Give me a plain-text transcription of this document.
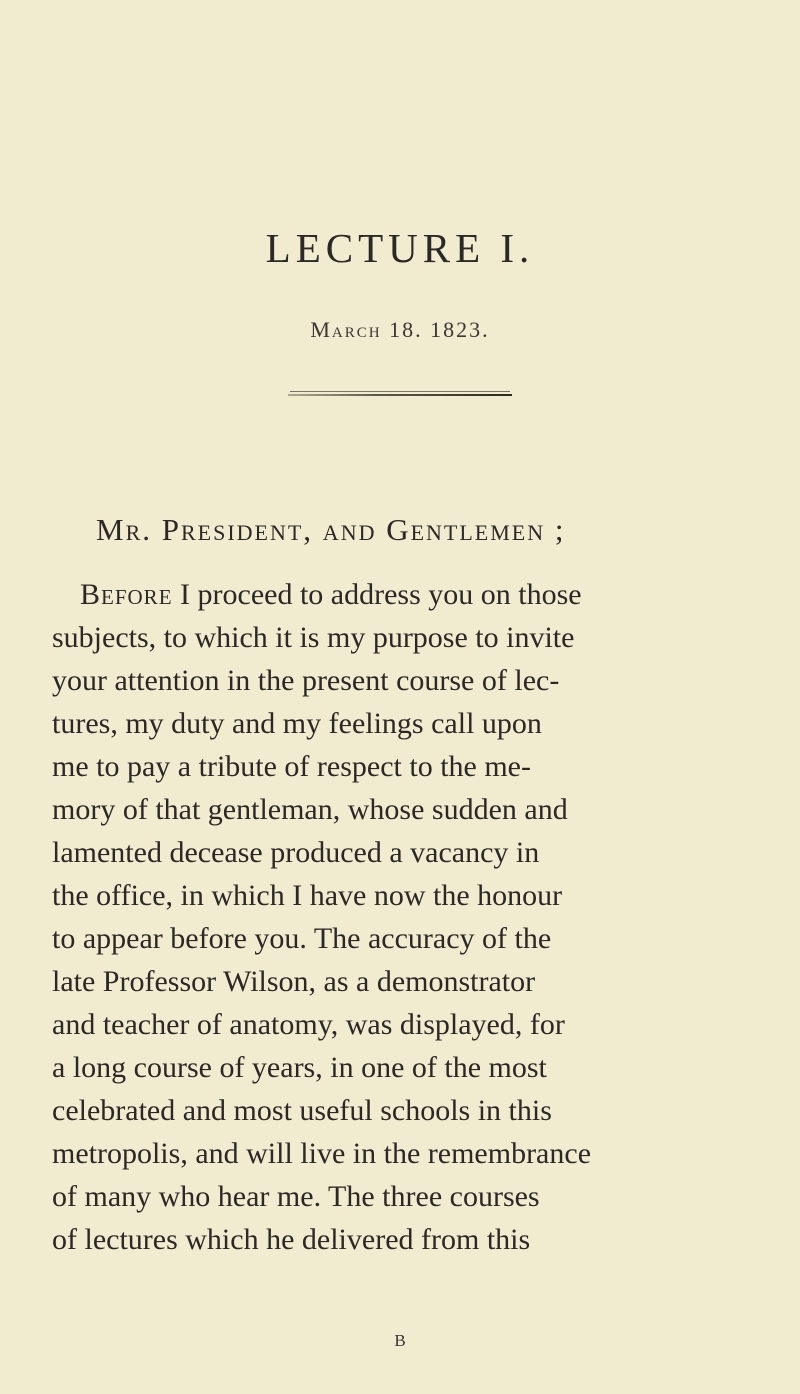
LECTURE I.
March 18. 1823.
Mr. President, and Gentlemen ;
Before I proceed to address you on those
subjects, to which it is my purpose to invite
your attention in the present course of lec-
tures, my duty and my feelings call upon
me to pay a tribute of respect to the me-
mory of that gentleman, whose sudden and
lamented decease produced a vacancy in
the office, in which I have now the honour
to appear before you. The accuracy of the
late Professor Wilson, as a demonstrator
and teacher of anatomy, was displayed, for
a long course of years, in one of the most
celebrated and most useful schools in this
metropolis, and will live in the remembrance
of many who hear me. The three courses
of lectures which he delivered from this
B
